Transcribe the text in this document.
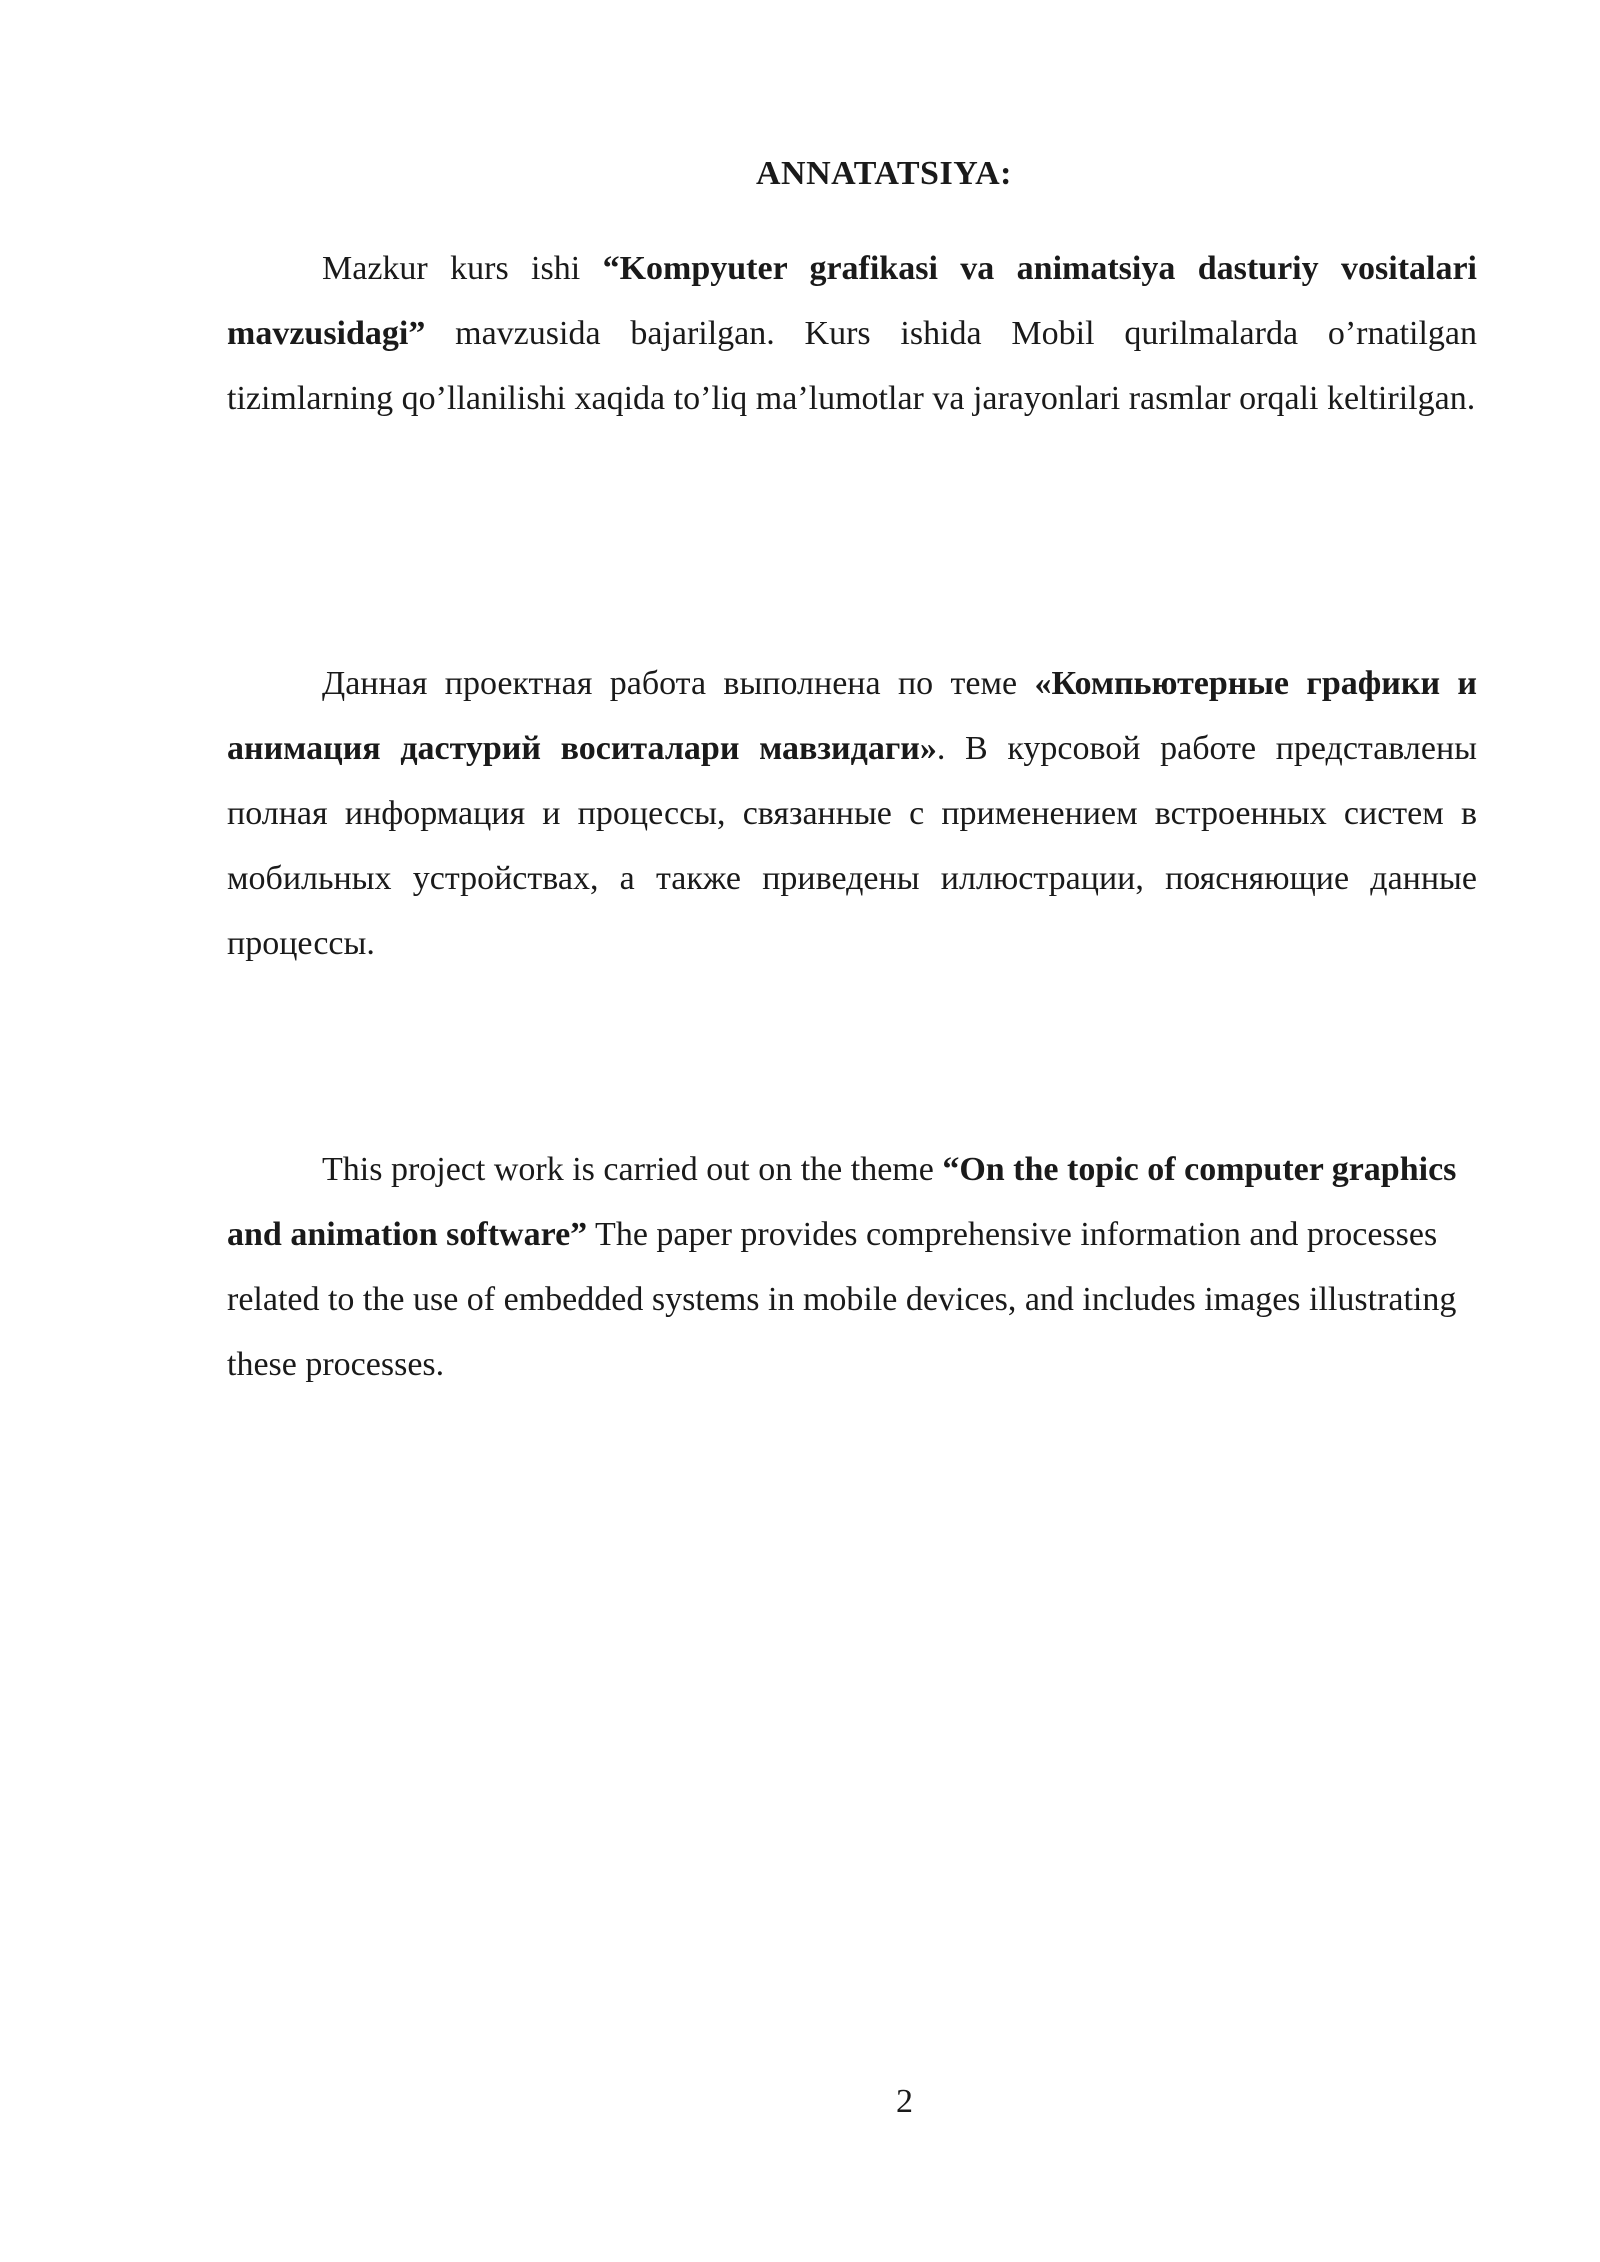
ANNATATSIYA:

Mazkur kurs ishi “Kompyuter grafikasi va animatsiya dasturiy vositalari mavzusidagi” mavzusida bajarilgan. Kurs ishida Mobil qurilmalarda o’rnatilgan tizimlarning qo’llanilishi xaqida to’liq ma’lumotlar va jarayonlari rasmlar orqali keltirilgan.

Данная проектная работа выполнена по теме «Компьютерные графики и анимация дастурий воситалари мавзидаги». В курсовой работе представлены полная информация и процессы, связанные с применением встроенных систем в мобильных устройствах, а также приведены иллюстрации, поясняющие данные процессы.

This project work is carried out on the theme “On the topic of computer graphics and animation software” The paper provides comprehensive information and processes related to the use of embedded systems in mobile devices, and includes images illustrating these processes.

2
